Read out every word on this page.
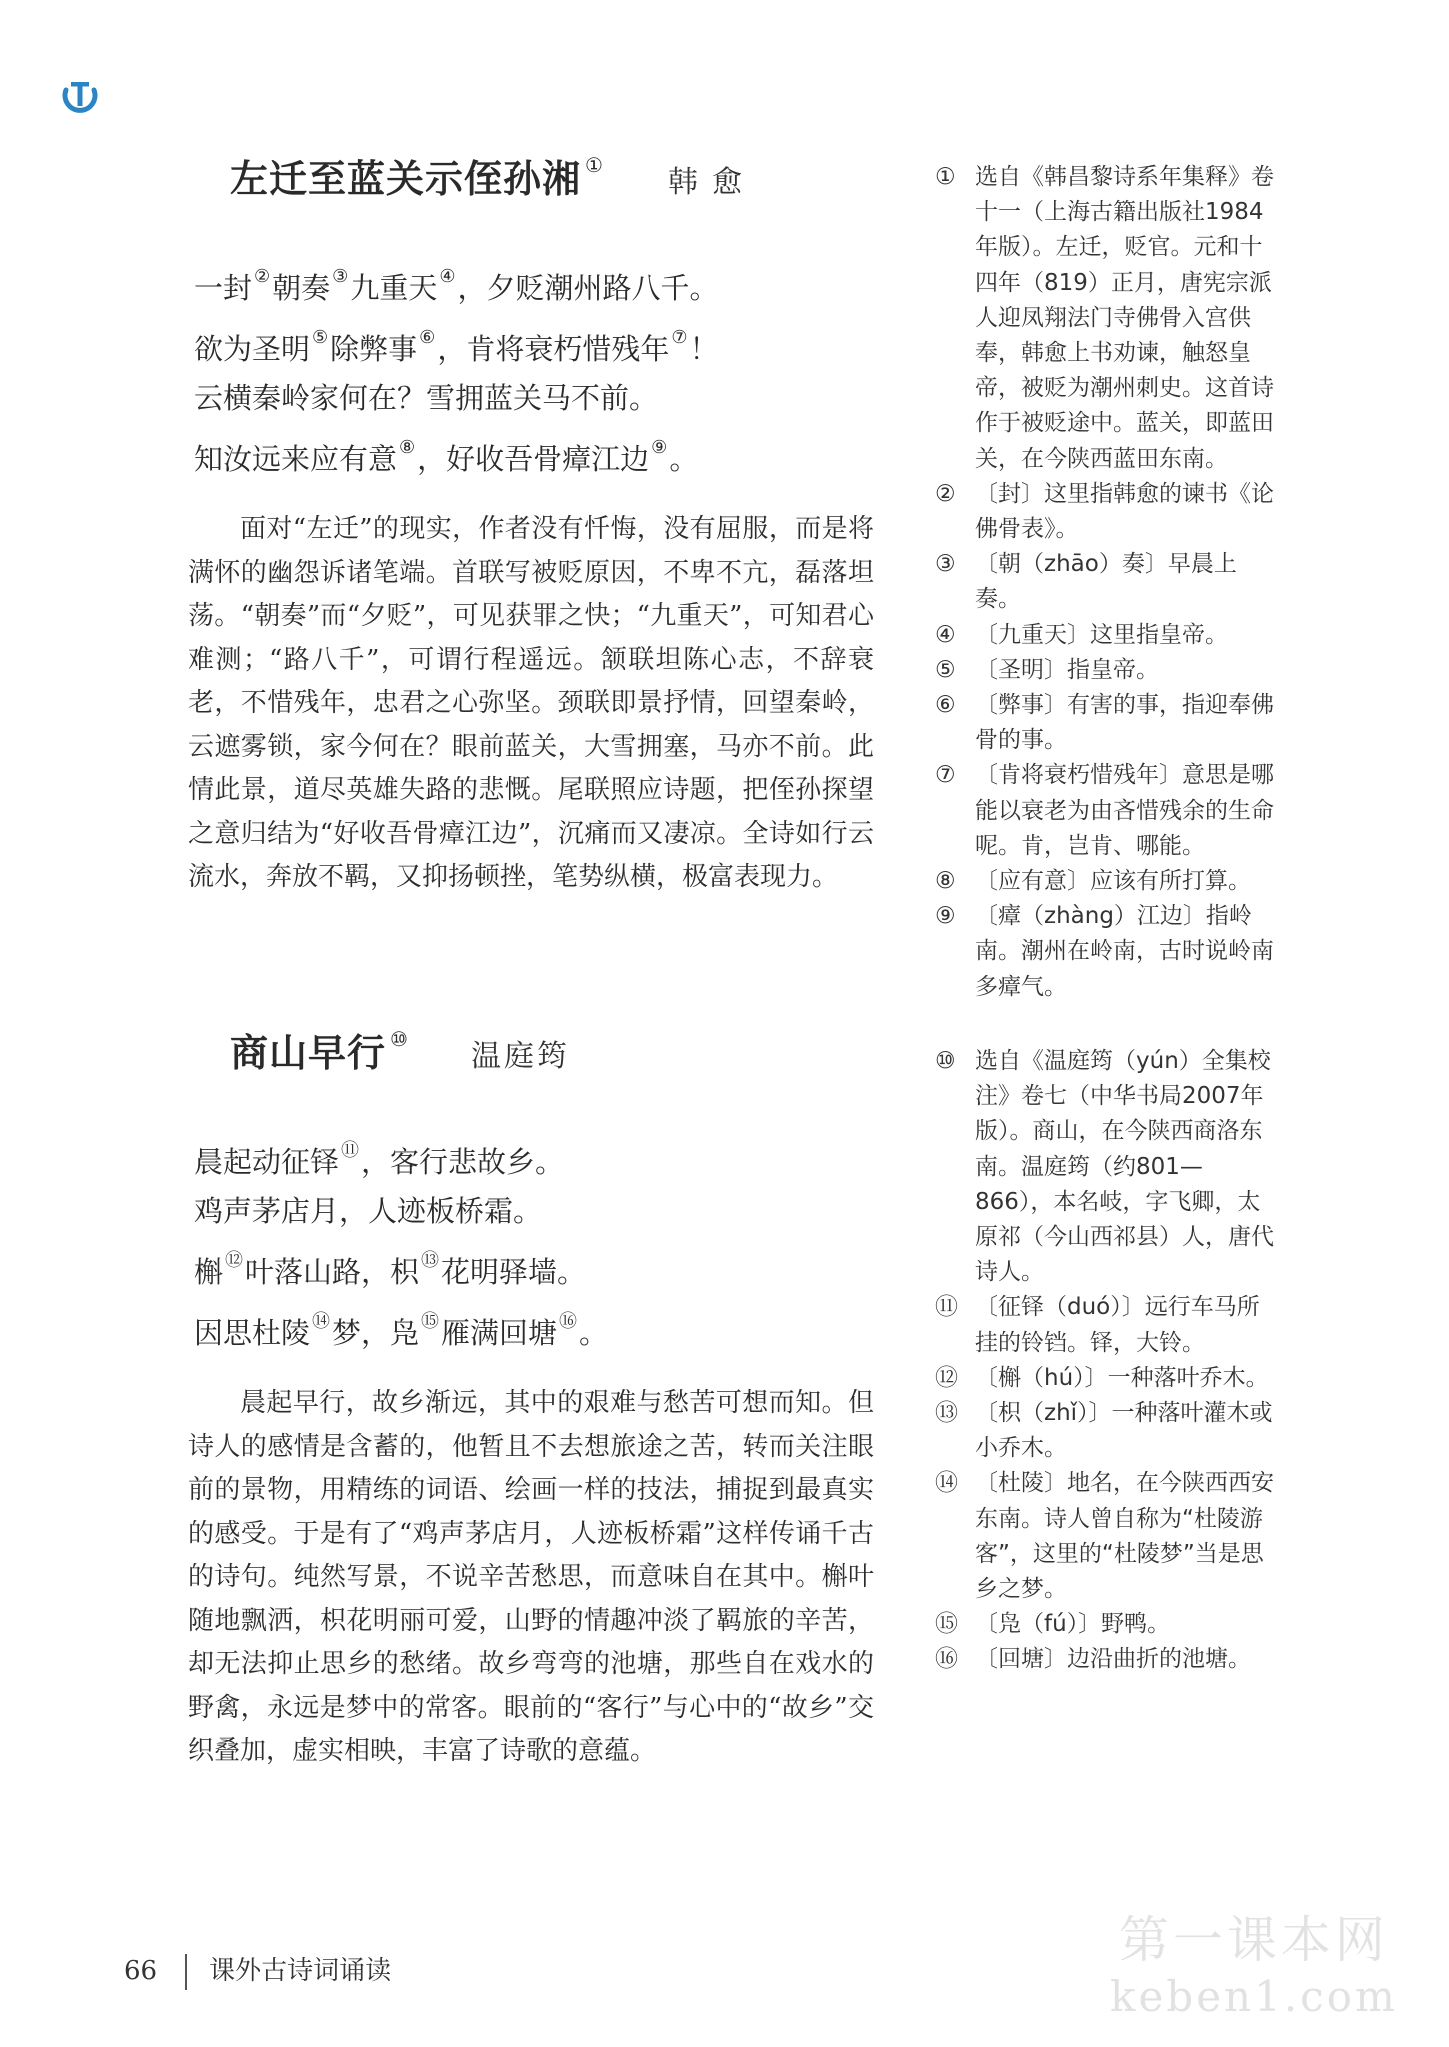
左迁至蓝关示侄孙湘 ① 韩愈
一封 ②朝奏 ③九重天 ④，夕贬潮州路八千。
欲为圣明 ⑤除弊事 ⑥，肯将衰朽惜残年 ⑦！
云横秦岭家何在？雪拥蓝关马不前。
知汝远来应有意 ⑧，好收吾骨瘴江边 ⑨。

面对“左迁”的现实，作者没有忏悔，没有屈服，而是将满怀的幽怨诉诸笔端。首联写被贬原因，不卑不亢，磊落坦荡。“朝奏”而“夕贬”，可见获罪之快；“九重天”，可知君心难测；“路八千”，可谓行程遥远。颔联坦陈心志，不辞衰老，不惜残年，忠君之心弥坚。颈联即景抒情，回望秦岭，云遮雾锁，家今何在？眼前蓝关，大雪拥塞，马亦不前。此情此景，道尽英雄失路的悲慨。尾联照应诗题，把侄孙探望之意归结为“好收吾骨瘴江边”，沉痛而又凄凉。全诗如行云流水，奔放不羁，又抑扬顿挫，笔势纵横，极富表现力。

商山早行 ⑩ 温庭筠
晨起动征铎 ⑪，客行悲故乡。
鸡声茅店月，人迹板桥霜。
槲 ⑫叶落山路，枳 ⑬花明驿墙。
因思杜陵 ⑭梦，凫 ⑮雁满回塘 ⑯。

晨起早行，故乡渐远，其中的艰难与愁苦可想而知。但诗人的感情是含蓄的，他暂且不去想旅途之苦，转而关注眼前的景物，用精练的词语、绘画一样的技法，捕捉到最真实的感受。于是有了“鸡声茅店月，人迹板桥霜”这样传诵千古的诗句。纯然写景，不说辛苦愁思，而意味自在其中。槲叶随地飘洒，枳花明丽可爱，山野的情趣冲淡了羁旅的辛苦，却无法抑止思乡的愁绪。故乡弯弯的池塘，那些自在戏水的野禽，永远是梦中的常客。眼前的“客行”与心中的“故乡”交织叠加，虚实相映，丰富了诗歌的意蕴。

① 选自《韩昌黎诗系年集释》卷十一（上海古籍出版社1984年版）。左迁，贬官。元和十四年（819）正月，唐宪宗派人迎凤翔法门寺佛骨入宫供奉，韩愈上书劝谏，触怒皇帝，被贬为潮州刺史。这首诗作于被贬途中。蓝关，即蓝田关，在今陕西蓝田东南。
② 〔封〕这里指韩愈的谏书《论佛骨表》。
③ 〔朝（zhāo）奏〕早晨上奏。
④ 〔九重天〕这里指皇帝。
⑤ 〔圣明〕指皇帝。
⑥ 〔弊事〕有害的事，指迎奉佛骨的事。
⑦ 〔肯将衰朽惜残年〕意思是哪能以衰老为由吝惜残余的生命呢。肯，岂肯、哪能。
⑧ 〔应有意〕应该有所打算。
⑨ 〔瘴（zhàng）江边〕指岭南。潮州在岭南，古时说岭南多瘴气。
⑩ 选自《温庭筠（yún）全集校注》卷七（中华书局2007年版）。商山，在今陕西商洛东南。温庭筠（约801—866），本名岐，字飞卿，太原祁（今山西祁县）人，唐代诗人。
⑪ 〔征铎（duó）〕远行车马所挂的铃铛。铎，大铃。
⑫ 〔槲（hú）〕一种落叶乔木。
⑬ 〔枳（zhǐ）〕一种落叶灌木或小乔木。
⑭ 〔杜陵〕地名，在今陕西西安东南。诗人曾自称为“杜陵游客”，这里的“杜陵梦”当是思乡之梦。
⑮ 〔凫（fú）〕野鸭。
⑯ 〔回塘〕边沿曲折的池塘。
66 课外古诗词诵读
第一课本网
keben1.com
